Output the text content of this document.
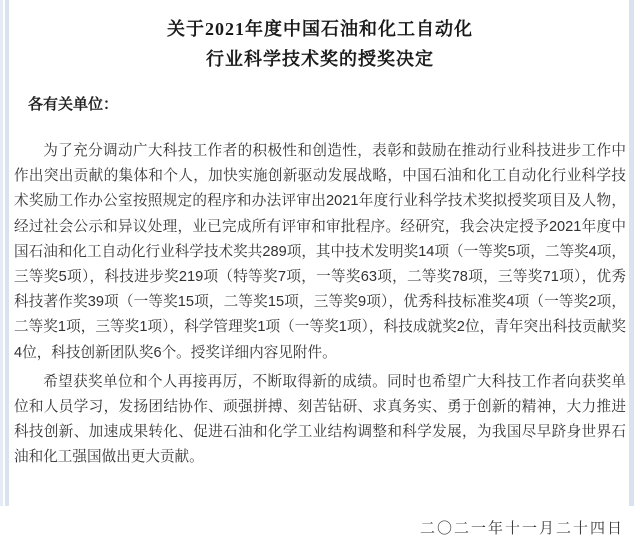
关于2021年度中国石油和化工自动化
行业科学技术奖的授奖决定
各有关单位：

为了充分调动广大科技工作者的积极性和创造性，表彰和鼓励在推动行业科技进步工作中作出突出贡献的集体和个人，加快实施创新驱动发展战略，中国石油和化工自动化行业科学技术奖励工作办公室按照规定的程序和办法评审出2021年度行业科学技术奖拟授奖项目及人物，经过社会公示和异议处理，业已完成所有评审和审批程序。经研究，我会决定授予2021年度中国石油和化工自动化行业科学技术奖共289项，其中技术发明奖14项（一等奖5项，二等奖4项，三等奖5项），科技进步奖219项（特等奖7项，一等奖63项，二等奖78项，三等奖71项），优秀科技著作奖39项（一等奖15项，二等奖15项，三等奖9项），优秀科技标准奖4项（一等奖2项，二等奖1项，三等奖1项），科学管理奖1项（一等奖1项），科技成就奖2位，青年突出科技贡献奖4位，科技创新团队奖6个。授奖详细内容见附件。

希望获奖单位和个人再接再厉，不断取得新的成绩。同时也希望广大科技工作者向获奖单位和人员学习，发扬团结协作、顽强拼搏、刻苦钻研、求真务实、勇于创新的精神，大力推进科技创新、加速成果转化、促进石油和化学工业结构调整和科学发展，为我国尽早跻身世界石油和化工强国做出更大贡献。

二〇二一年十一月二十四日
